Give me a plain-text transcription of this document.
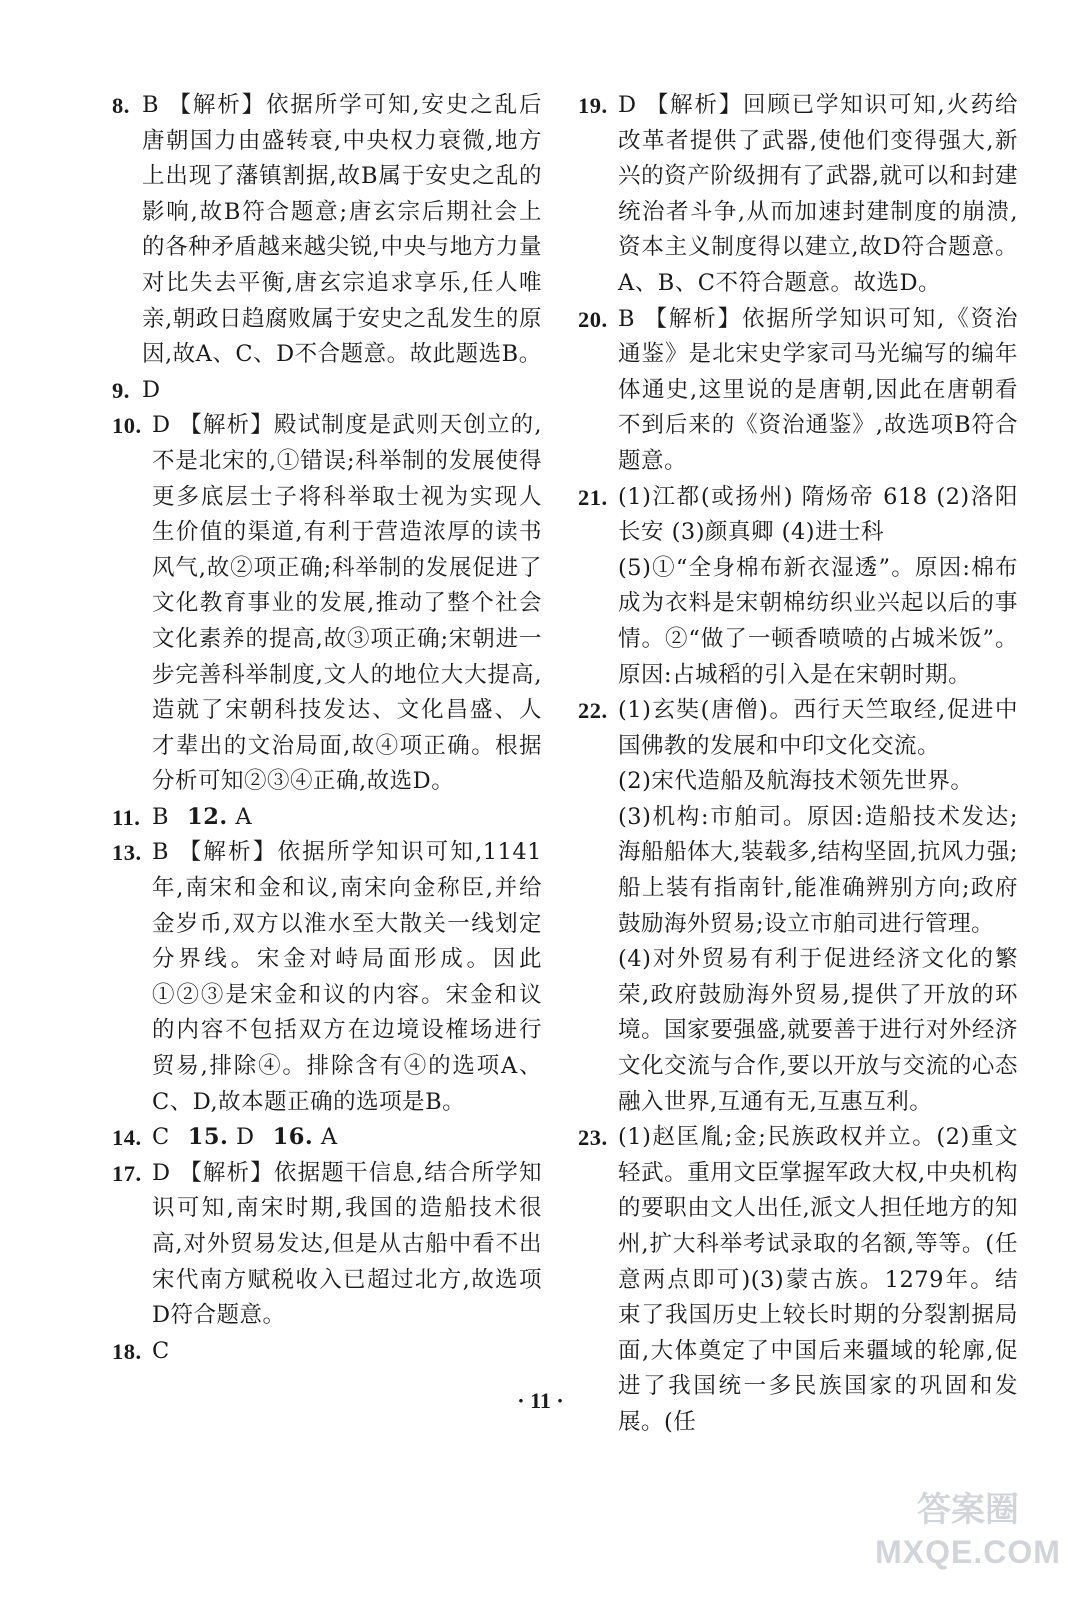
8. B 【解析】依据所学可知,安史之乱后唐朝国力由盛转衰,中央权力衰微,地方上出现了藩镇割据,故B属于安史之乱的影响,故B符合题意;唐玄宗后期社会上的各种矛盾越来越尖锐,中央与地方力量对比失去平衡,唐玄宗追求享乐,任人唯亲,朝政日趋腐败属于安史之乱发生的原因,故A、C、D不合题意。故此题选B。
9. D
10. D 【解析】殿试制度是武则天创立的,不是北宋的,①错误;科举制的发展使得更多底层士子将科举取士视为实现人生价值的渠道,有利于营造浓厚的读书风气,故②项正确;科举制的发展促进了文化教育事业的发展,推动了整个社会文化素养的提高,故③项正确;宋朝进一步完善科举制度,文人的地位大大提高,造就了宋朝科技发达、文化昌盛、人才辈出的文治局面,故④项正确。根据分析可知②③④正确,故选D。
11. B 12. A
13. B 【解析】依据所学知识可知,1141年,南宋和金和议,南宋向金称臣,并给金岁币,双方以淮水至大散关一线划定分界线。宋金对峙局面形成。因此①②③是宋金和议的内容。宋金和议的内容不包括双方在边境设榷场进行贸易,排除④。排除含有④的选项A、C、D,故本题正确的选项是B。
14. C 15. D 16. A
17. D 【解析】依据题干信息,结合所学知识可知,南宋时期,我国的造船技术很高,对外贸易发达,但是从古船中看不出宋代南方赋税收入已超过北方,故选项D符合题意。
18. C
19. D 【解析】回顾已学知识可知,火药给改革者提供了武器,使他们变得强大,新兴的资产阶级拥有了武器,就可以和封建统治者斗争,从而加速封建制度的崩溃,资本主义制度得以建立,故D符合题意。A、B、C不符合题意。故选D。
20. B 【解析】依据所学知识可知,《资治通鉴》是北宋史学家司马光编写的编年体通史,这里说的是唐朝,因此在唐朝看不到后来的《资治通鉴》,故选项B符合题意。
21. (1)江都(或扬州) 隋炀帝 618 (2)洛阳 长安 (3)颜真卿 (4)进士科
(5)①“全身棉布新衣湿透”。原因:棉布成为衣料是宋朝棉纺织业兴起以后的事情。②“做了一顿香喷喷的占城米饭”。原因:占城稻的引入是在宋朝时期。
22. (1)玄奘(唐僧)。西行天竺取经,促进中国佛教的发展和中印文化交流。
(2)宋代造船及航海技术领先世界。
(3)机构:市舶司。原因:造船技术发达;海船船体大,装载多,结构坚固,抗风力强;船上装有指南针,能准确辨别方向;政府鼓励海外贸易;设立市舶司进行管理。
(4)对外贸易有利于促进经济文化的繁荣,政府鼓励海外贸易,提供了开放的环境。国家要强盛,就要善于进行对外经济文化交流与合作,要以开放与交流的心态融入世界,互通有无,互惠互利。
23. (1)赵匡胤;金;民族政权并立。(2)重文轻武。重用文臣掌握军政大权,中央机构的要职由文人出任,派文人担任地方的知州,扩大科举考试录取的名额,等等。(任意两点即可)(3)蒙古族。1279年。结束了我国历史上较长时期的分裂割据局面,大体奠定了中国后来疆域的轮廓,促进了我国统一多民族国家的巩固和发展。(任
· 11 ·
答案圈
MXQE.COM
